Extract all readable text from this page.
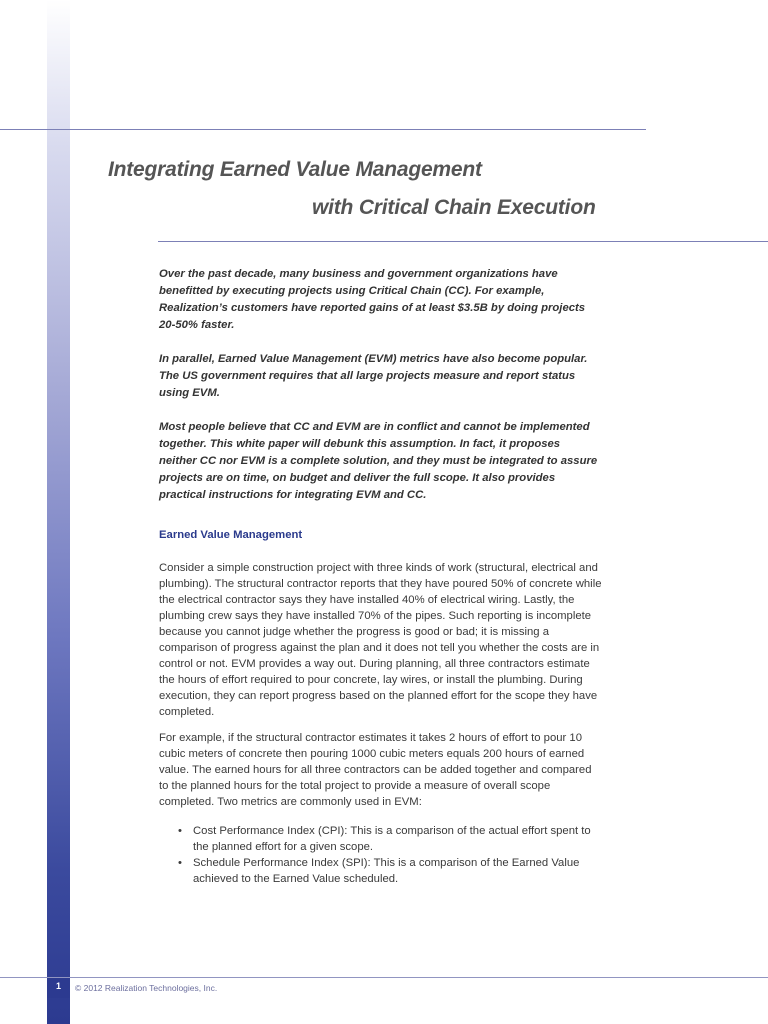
Integrating Earned Value Management
with Critical Chain Execution

Over the past decade, many business and government organizations have benefitted by executing projects using Critical Chain (CC). For example, Realization’s customers have reported gains of at least $3.5B by doing projects 20-50% faster.

In parallel, Earned Value Management (EVM) metrics have also become popular. The US government requires that all large projects measure and report status using EVM.

Most people believe that CC and EVM are in conflict and cannot be implemented together. This white paper will debunk this assumption. In fact, it proposes neither CC nor EVM is a complete solution, and they must be integrated to assure projects are on time, on budget and deliver the full scope. It also provides practical instructions for integrating EVM and CC.

Earned Value Management

Consider a simple construction project with three kinds of work (structural, electrical and plumbing). The structural contractor reports that they have poured 50% of concrete while the electrical contractor says they have installed 40% of electrical wiring. Lastly, the plumbing crew says they have installed 70% of the pipes. Such reporting is incomplete because you cannot judge whether the progress is good or bad; it is missing a comparison of progress against the plan and it does not tell you whether the costs are in control or not. EVM provides a way out. During planning, all three contractors estimate the hours of effort required to pour concrete, lay wires, or install the plumbing. During execution, they can report progress based on the planned effort for the scope they have completed.

For example, if the structural contractor estimates it takes 2 hours of effort to pour 10 cubic meters of concrete then pouring 1000 cubic meters equals 200 hours of earned value. The earned hours for all three contractors can be added together and compared to the planned hours for the total project to provide a measure of overall scope completed. Two metrics are commonly used in EVM:

• Cost Performance Index (CPI): This is a comparison of the actual effort spent to the planned effort for a given scope.
• Schedule Performance Index (SPI): This is a comparison of the Earned Value achieved to the Earned Value scheduled.
1	© 2012 Realization Technologies, Inc.
